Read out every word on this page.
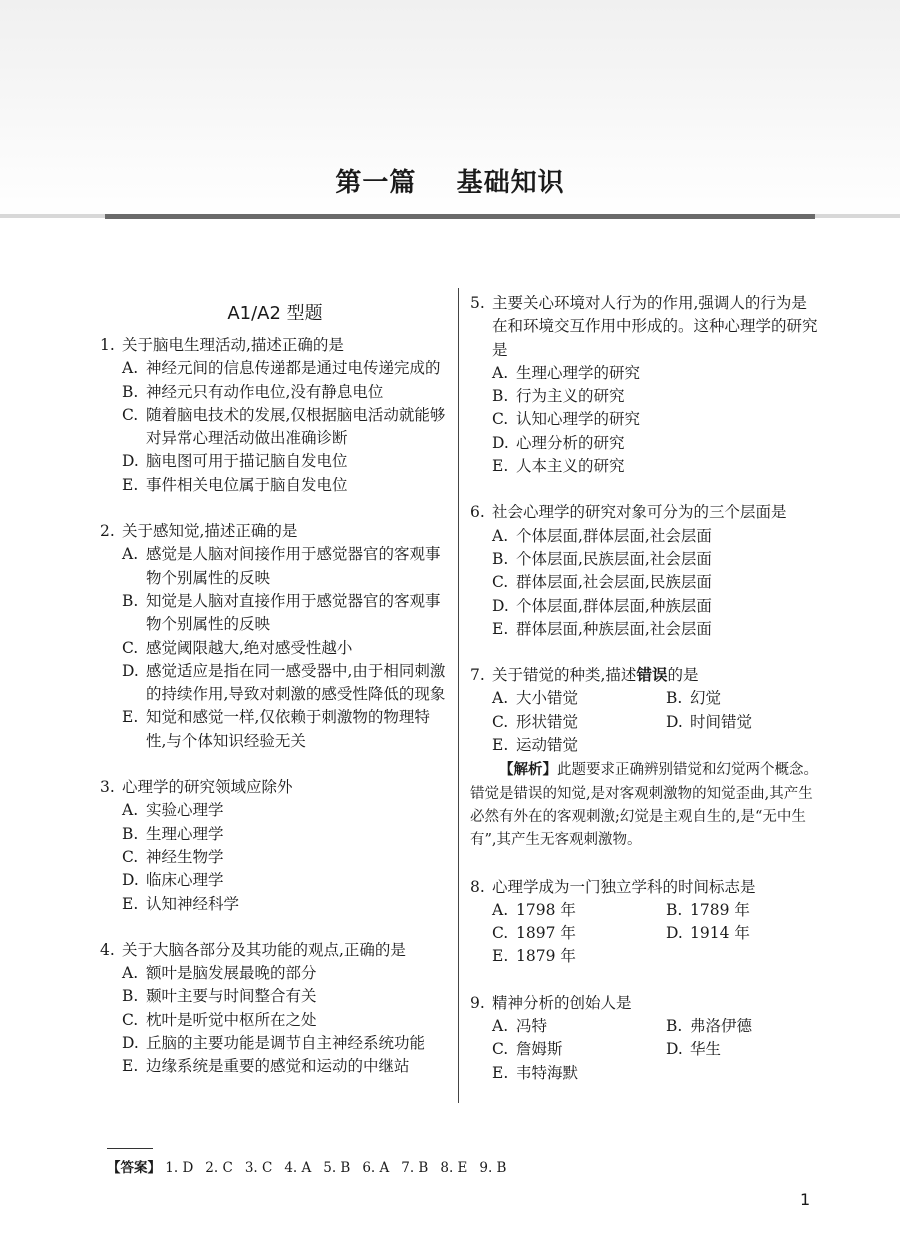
第一篇    基础知识
A1/A2 型题
1. 关于脑电生理活动,描述正确的是
A. 神经元间的信息传递都是通过电传递完成的
B. 神经元只有动作电位,没有静息电位
C. 随着脑电技术的发展,仅根据脑电活动就能够对异常心理活动做出准确诊断
D. 脑电图可用于描记脑自发电位
E. 事件相关电位属于脑自发电位
2. 关于感知觉,描述正确的是
A. 感觉是人脑对间接作用于感觉器官的客观事物个别属性的反映
B. 知觉是人脑对直接作用于感觉器官的客观事物个别属性的反映
C. 感觉阈限越大,绝对感受性越小
D. 感觉适应是指在同一感受器中,由于相同刺激的持续作用,导致对刺激的感受性降低的现象
E. 知觉和感觉一样,仅依赖于刺激物的物理特性,与个体知识经验无关
3. 心理学的研究领域应除外
A. 实验心理学
B. 生理心理学
C. 神经生物学
D. 临床心理学
E. 认知神经科学
4. 关于大脑各部分及其功能的观点,正确的是
A. 额叶是脑发展最晚的部分
B. 颞叶主要与时间整合有关
C. 枕叶是听觉中枢所在之处
D. 丘脑的主要功能是调节自主神经系统功能
E. 边缘系统是重要的感觉和运动的中继站
5. 主要关心环境对人行为的作用,强调人的行为是在和环境交互作用中形成的。这种心理学的研究是
A. 生理心理学的研究
B. 行为主义的研究
C. 认知心理学的研究
D. 心理分析的研究
E. 人本主义的研究
6. 社会心理学的研究对象可分为的三个层面是
A. 个体层面,群体层面,社会层面
B. 个体层面,民族层面,社会层面
C. 群体层面,社会层面,民族层面
D. 个体层面,群体层面,种族层面
E. 群体层面,种族层面,社会层面
7. 关于错觉的种类,描述错误的是
A. 大小错觉	B. 幻觉
C. 形状错觉	D. 时间错觉
E. 运动错觉
【解析】此题要求正确辨别错觉和幻觉两个概念。错觉是错误的知觉,是对客观刺激物的知觉歪曲,其产生必然有外在的客观刺激;幻觉是主观自生的,是“无中生有”,其产生无客观刺激物。
8. 心理学成为一门独立学科的时间标志是
A. 1798 年	B. 1789 年
C. 1897 年	D. 1914 年
E. 1879 年
9. 精神分析的创始人是
A. 冯特	B. 弗洛伊德
C. 詹姆斯	D. 华生
E. 韦特海默
【答案】 1. D 2. C 3. C 4. A 5. B 6. A 7. B 8. E 9. B
1
